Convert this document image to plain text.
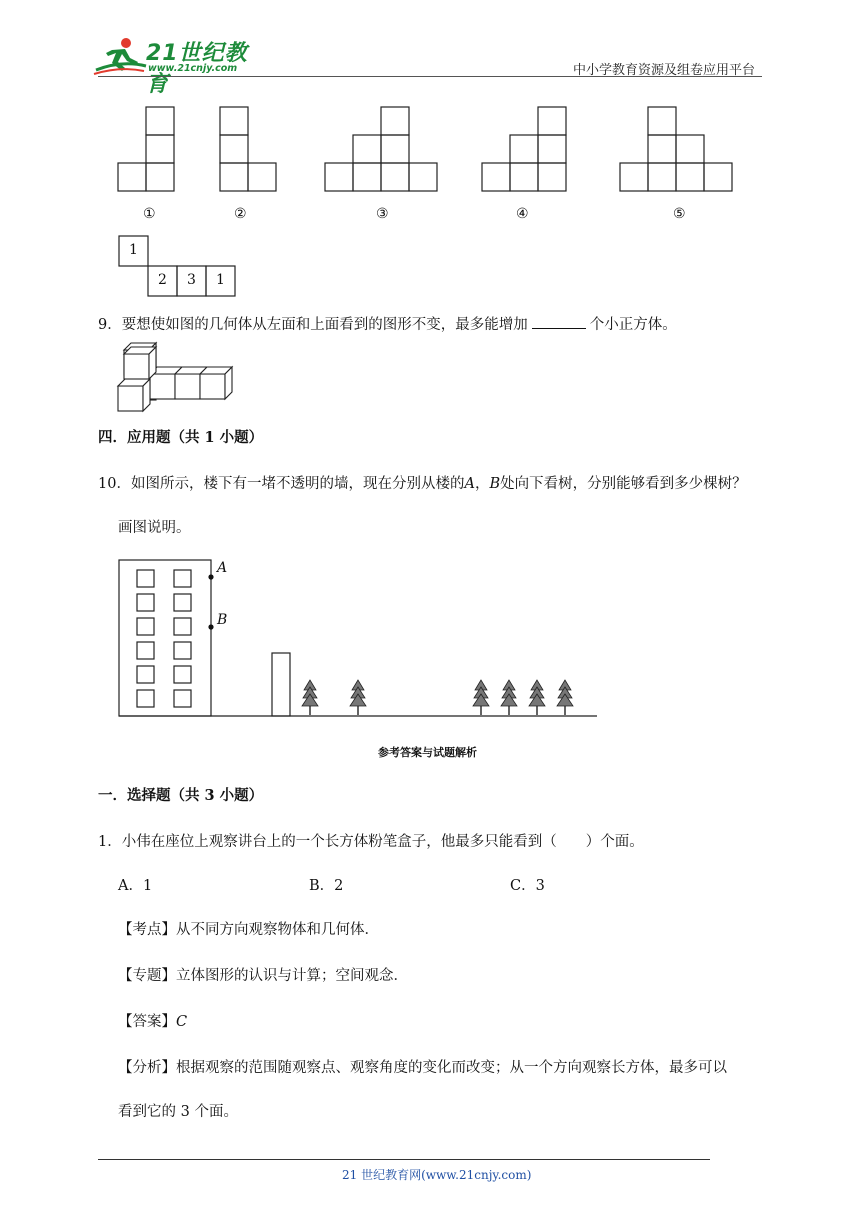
21世纪教育
www.21cnjy.com	中小学教育资源及组卷应用平台
①	②	③	④	⑤
1
2 3 1
9．要想使如图的几何体从左面和上面看到的图形不变，最多能增加	个小正方体。
四．应用题（共 1 小题）
10．如图所示，楼下有一堵不透明的墙，现在分别从楼的A，B处向下看树，分别能够看到多少棵树？
画图说明。
A
B
参考答案与试题解析
一．选择题（共 3 小题）
1．小伟在座位上观察讲台上的一个长方体粉笔盒子，他最多只能看到（　　）个面。
A．1	B．2	C．3
【考点】从不同方向观察物体和几何体．
【专题】立体图形的认识与计算；空间观念．
【答案】C
【分析】根据观察的范围随观察点、观察角度的变化而改变；从一个方向观察长方体，最多可以
看到它的 3 个面。
21 世纪教育网(www.21cnjy.com)
